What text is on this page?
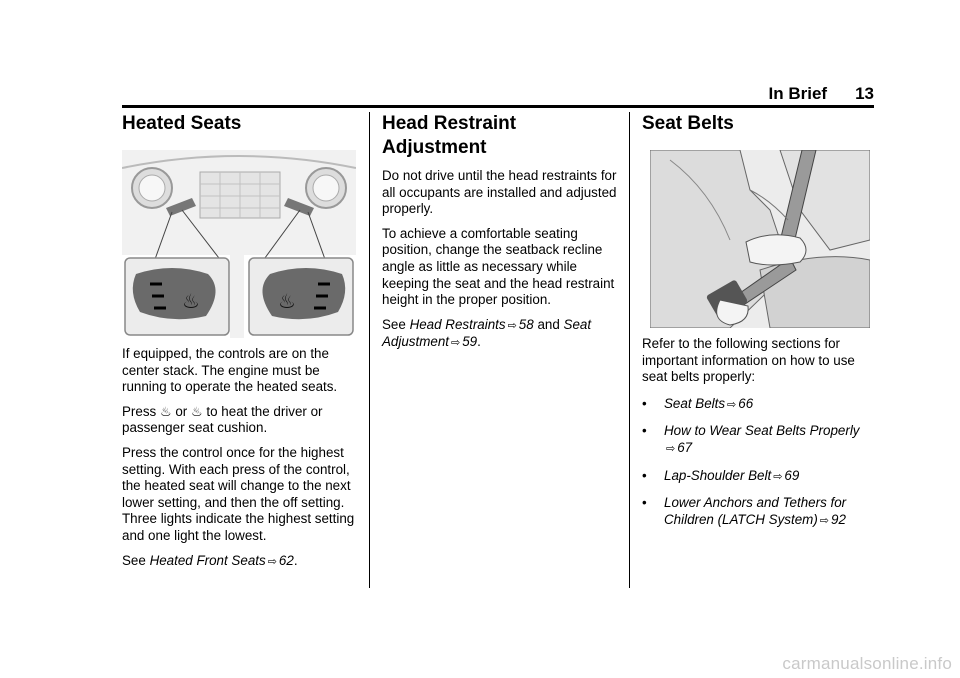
In Brief 13
Heated Seats
♨	♨

If equipped, the controls are on the center stack. The engine must be running to operate the heated seats.

Press ♨ or ♨ to heat the driver or passenger seat cushion.

Press the control once for the highest setting. With each press of the control, the heated seat will change to the next lower setting, and then the off setting. Three lights indicate the highest setting and one light the lowest.

See Heated Front Seats ⇨ 62.

Head Restraint
Adjustment

Do not drive until the head restraints for all occupants are installed and adjusted properly.

To achieve a comfortable seating position, change the seatback recline angle as little as necessary while keeping the seat and the head restraint height in the proper position.

See Head Restraints ⇨ 58 and Seat Adjustment ⇨ 59.

Seat Belts

Refer to the following sections for important information on how to use seat belts properly:

•	Seat Belts ⇨ 66
•	How to Wear Seat Belts Properly
⇨ 67
•	Lap-Shoulder Belt ⇨ 69
•	Lower Anchors and Tethers for Children (LATCH System) ⇨ 92
carmanualsonline.info
